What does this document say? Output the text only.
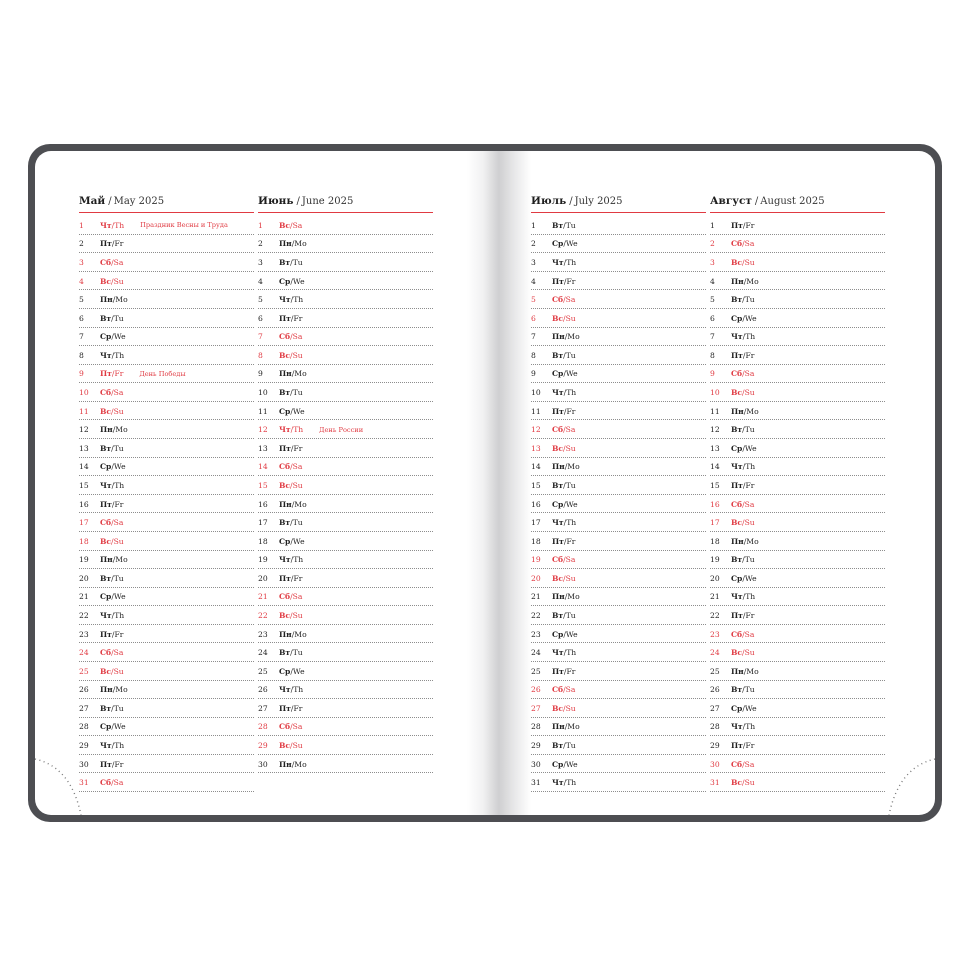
Май / May 2025
1	Чт / Th Праздник Весны и Труда
2	Пт / Fr
3	Сб / Sa
4	Вс / Su
5	Пн / Mo
6	Вт / Tu
7	Ср / We
8	Чт / Th
9	Пт / Fr День Победы
10	Сб / Sa
11	Вс / Su
12	Пн / Mo
13	Вт / Tu
14	Ср / We
15	Чт / Th
16	Пт / Fr
17	Сб / Sa
18	Вс / Su
19	Пн / Mo
20	Вт / Tu
21	Ср / We
22	Чт / Th
23	Пт / Fr
24	Сб / Sa
25	Вс / Su
26	Пн / Mo
27	Вт / Tu
28	Ср / We
29	Чт / Th
30	Пт / Fr
31	Сб / Sa
Июнь / June 2025
1	Вс / Sa
2	Пн / Mo
3	Вт / Tu
4	Ср / We
5	Чт / Th
6	Пт / Fr
7	Сб / Sa
8	Вс / Su
9	Пн / Mo
10	Вт / Tu
11	Ср / We
12	Чт / Th День России
13	Пт / Fr
14	Сб / Sa
15	Вс / Su
16	Пн / Mo
17	Вт / Tu
18	Ср / We
19	Чт / Th
20	Пт / Fr
21	Сб / Sa
22	Вс / Su
23	Пн / Mo
24	Вт / Tu
25	Ср / We
26	Чт / Th
27	Пт / Fr
28	Сб / Sa
29	Вс / Su
30	Пн / Mo
Июль / July 2025
1	Вт / Tu
2	Ср / We
3	Чт / Th
4	Пт / Fr
5	Сб / Sa
6	Вс / Su
7	Пн / Mo
8	Вт / Tu
9	Ср / We
10	Чт / Th
11	Пт / Fr
12	Сб / Sa
13	Вс / Su
14	Пн / Mo
15	Вт / Tu
16	Ср / We
17	Чт / Th
18	Пт / Fr
19	Сб / Sa
20	Вс / Su
21	Пн / Mo
22	Вт / Tu
23	Ср / We
24	Чт / Th
25	Пт / Fr
26	Сб / Sa
27	Вс / Su
28	Пн / Mo
29	Вт / Tu
30	Ср / We
31	Чт / Th
Август / August 2025
1	Пт / Fr
2	Сб / Sa
3	Вс / Su
4	Пн / Mo
5	Вт / Tu
6	Ср / We
7	Чт / Th
8	Пт / Fr
9	Сб / Sa
10	Вс / Su
11	Пн / Mo
12	Вт / Tu
13	Ср / We
14	Чт / Th
15	Пт / Fr
16	Сб / Sa
17	Вс / Su
18	Пн / Mo
19	Вт / Tu
20	Ср / We
21	Чт / Th
22	Пт / Fr
23	Сб / Sa
24	Вс / Su
25	Пн / Mo
26	Вт / Tu
27	Ср / We
28	Чт / Th
29	Пт / Fr
30	Сб / Sa
31	Вс / Su
